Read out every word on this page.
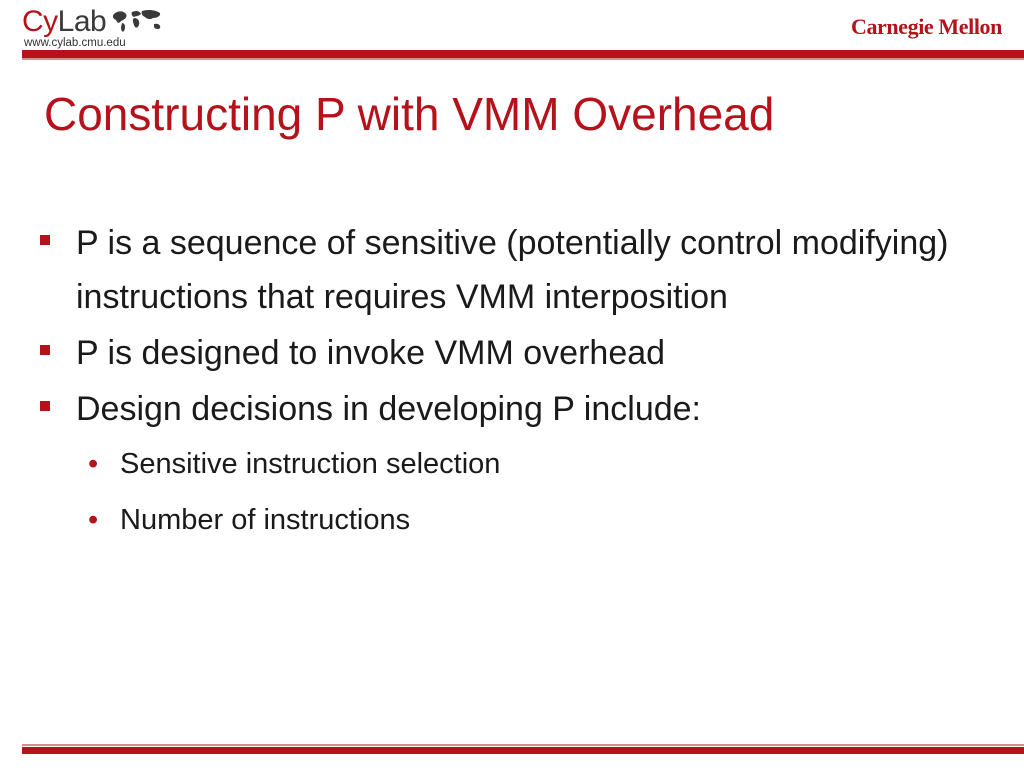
CyLab
www.cylab.cmu.edu
Carnegie Mellon
Constructing P with VMM Overhead
P is a sequence of sensitive (potentially control modifying) instructions that requires VMM interposition
P is designed to invoke VMM overhead
Design decisions in developing P include:
• Sensitive instruction selection
• Number of instructions
